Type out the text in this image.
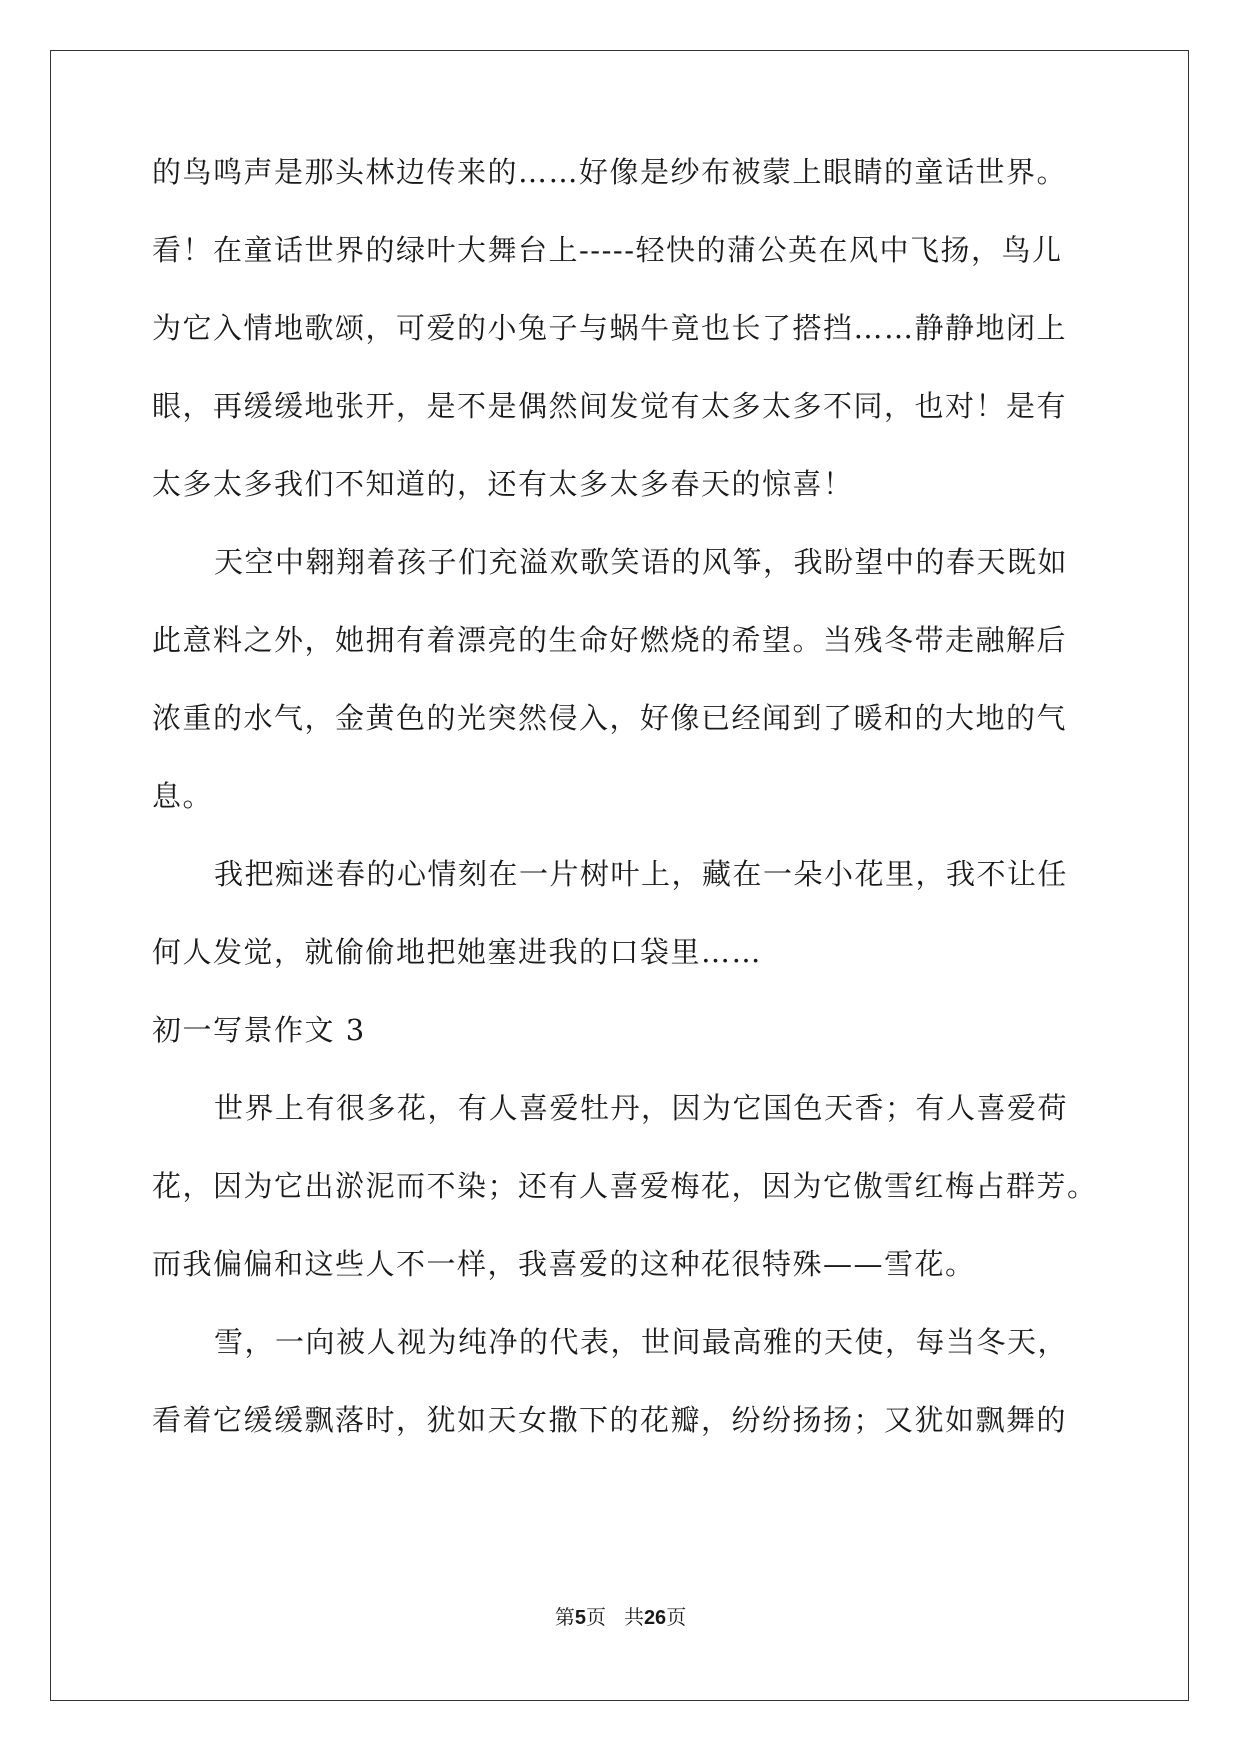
的鸟鸣声是那头林边传来的……好像是纱布被蒙上眼睛的童话世界。
看！在童话世界的绿叶大舞台上-----轻快的蒲公英在风中飞扬，鸟儿
为它入情地歌颂，可爱的小兔子与蜗牛竟也长了搭挡……静静地闭上
眼，再缓缓地张开，是不是偶然间发觉有太多太多不同，也对！是有
太多太多我们不知道的，还有太多太多春天的惊喜！
天空中翱翔着孩子们充溢欢歌笑语的风筝，我盼望中的春天既如
此意料之外，她拥有着漂亮的生命好燃烧的希望。当残冬带走融解后
浓重的水气，金黄色的光突然侵入，好像已经闻到了暖和的大地的气
息。
我把痴迷春的心情刻在一片树叶上，藏在一朵小花里，我不让任
何人发觉，就偷偷地把她塞进我的口袋里……
初一写景作文 3
世界上有很多花，有人喜爱牡丹，因为它国色天香；有人喜爱荷
花，因为它出淤泥而不染；还有人喜爱梅花，因为它傲雪红梅占群芳。
而我偏偏和这些人不一样，我喜爱的这种花很特殊——雪花。
雪，一向被人视为纯净的代表，世间最高雅的天使，每当冬天，
看着它缓缓飘落时，犹如天女撒下的花瓣，纷纷扬扬；又犹如飘舞的
第5页 共26页
